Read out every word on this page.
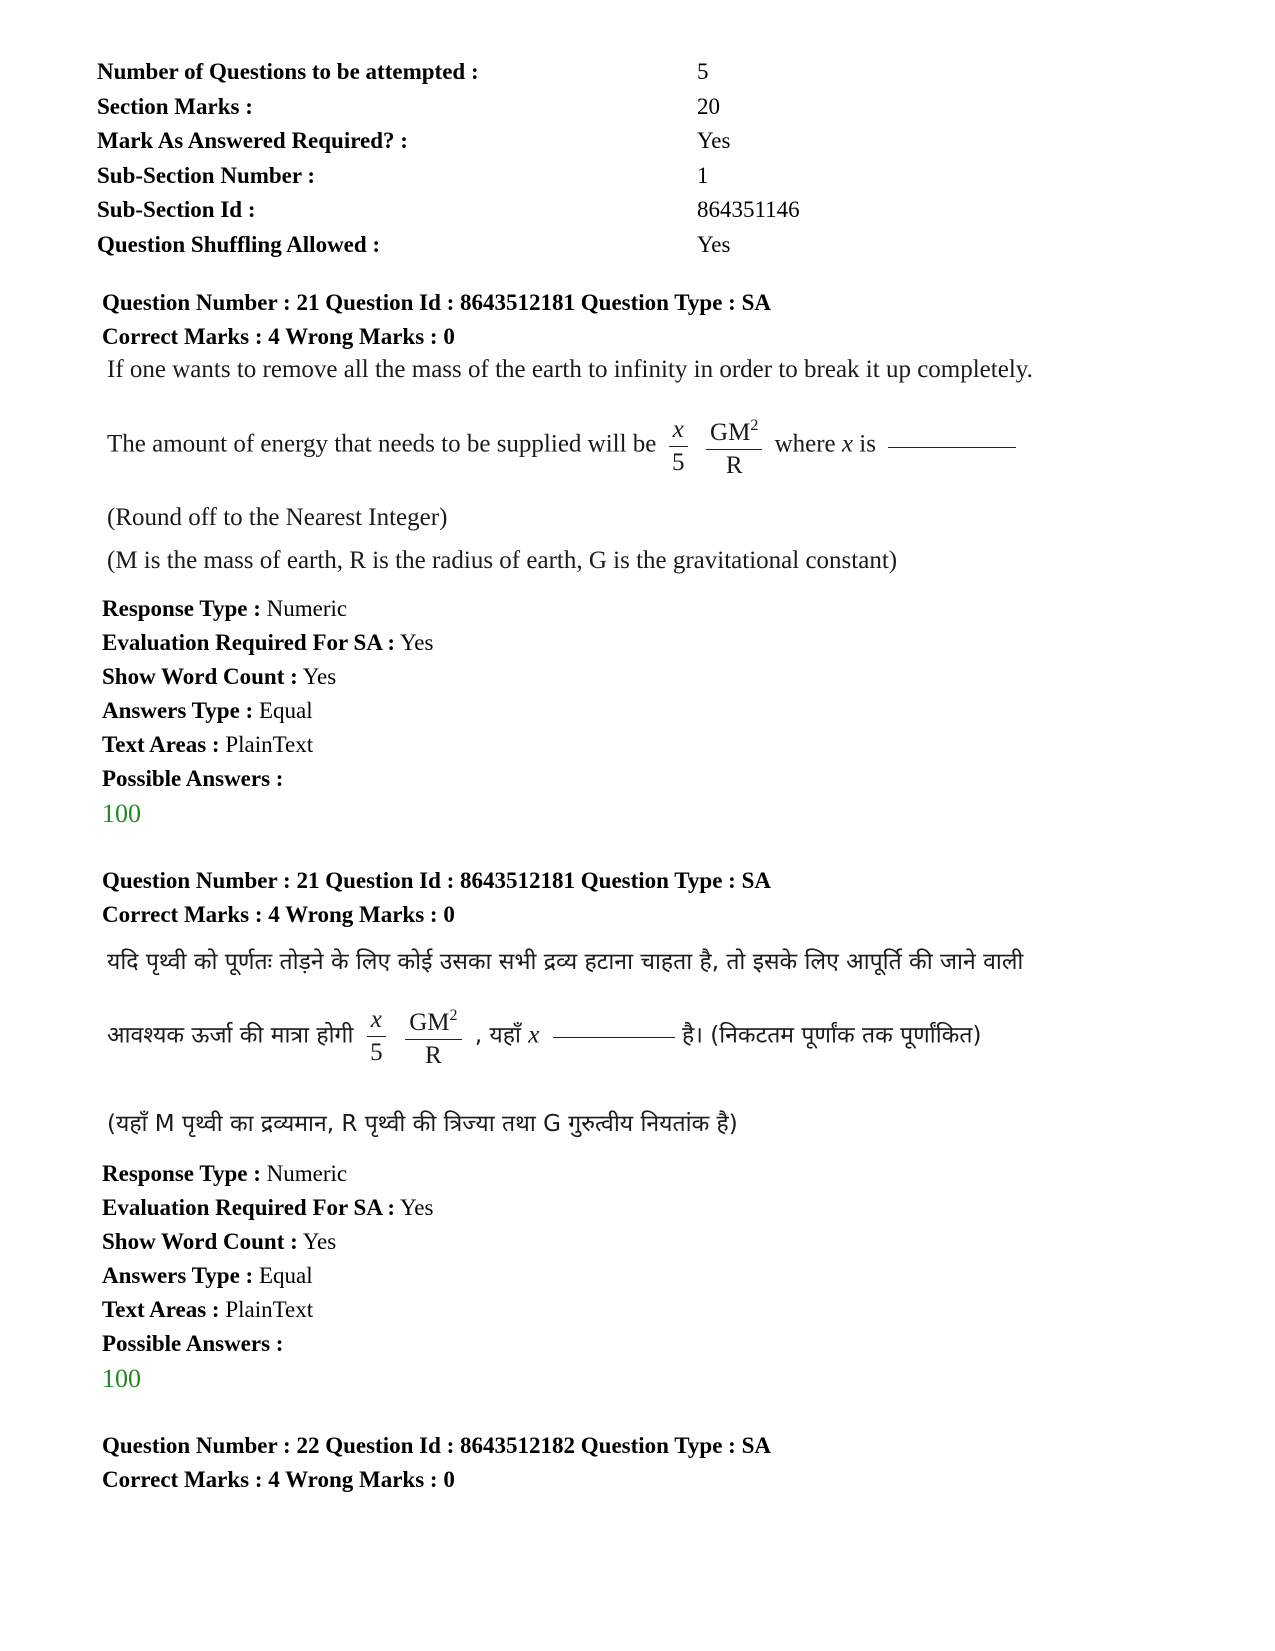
Number of Questions to be attempted :	5
Section Marks :	20
Mark As Answered Required? :	Yes
Sub-Section Number :	1
Sub-Section Id :	864351146
Question Shuffling Allowed :	Yes
Question Number : 21 Question Id : 8643512181 Question Type : SA
Correct Marks : 4 Wrong Marks : 0
If one wants to remove all the mass of the earth to infinity in order to break it up completely.
The amount of energy that needs to be supplied will be $\frac{x}{5}$
$\frac{GM^2}{R}$ where x is
(Round off to the Nearest Integer)
(M is the mass of earth, R is the radius of earth, G is the gravitational constant)
Response Type : Numeric
Evaluation Required For SA : Yes
Show Word Count : Yes
Answers Type : Equal
Text Areas : PlainText
Possible Answers :
100
Question Number : 21 Question Id : 8643512181 Question Type : SA
Correct Marks : 4 Wrong Marks : 0
यदि पृथ्वी को पूर्णतः तोड़ने के लिए कोई उसका सभी द्रव्य हटाना चाहता है, तो इसके लिए आपूर्ति की जाने वाली
आवश्यक ऊर्जा की मात्रा होगी $\frac{x}{5}$
$\frac{GM^2}{R}$ , यहाँ x	है। (निकटतम पूर्णांक तक पूर्णांकित)
(यहाँ M पृथ्वी का द्रव्यमान, R पृथ्वी की त्रिज्या तथा G गुरुत्वीय नियतांक है)
Response Type : Numeric
Evaluation Required For SA : Yes
Show Word Count : Yes
Answers Type : Equal
Text Areas : PlainText
Possible Answers :
100
Question Number : 22 Question Id : 8643512182 Question Type : SA
Correct Marks : 4 Wrong Marks : 0
